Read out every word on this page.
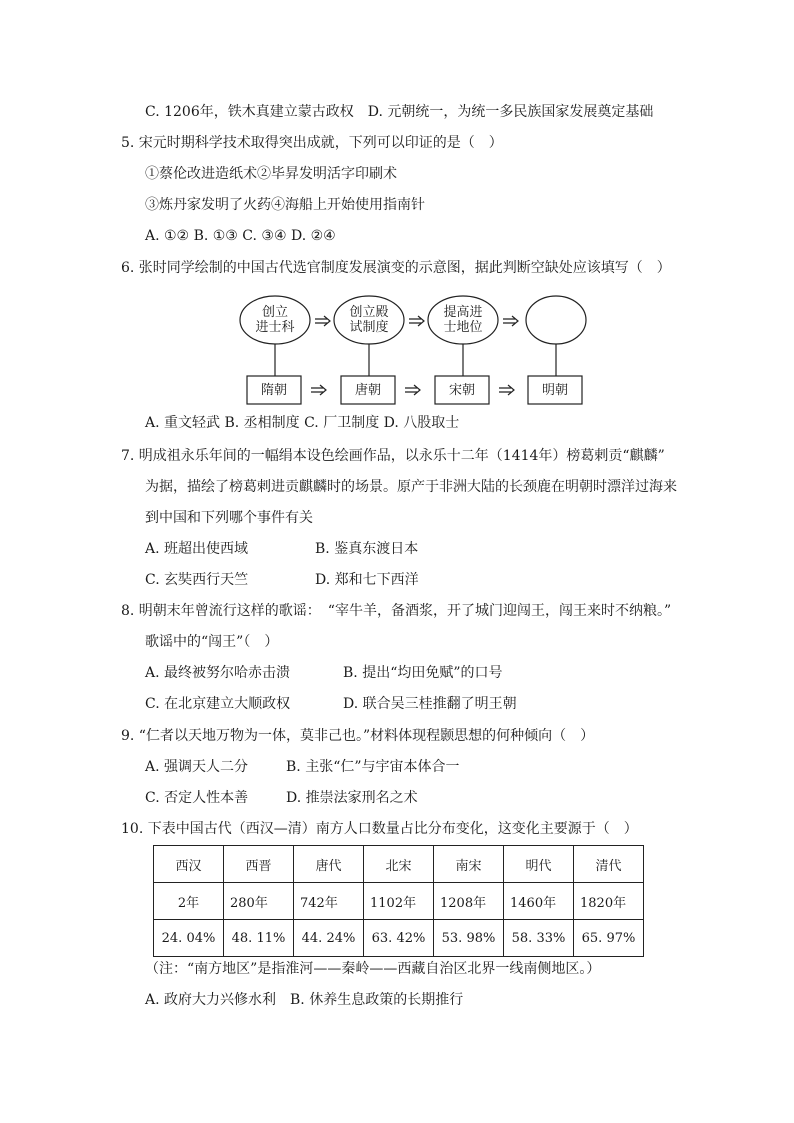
C. 1206年，铁木真建立蒙古政权　D. 元朝统一，为统一多民族国家发展奠定基础
5. 宋元时期科学技术取得突出成就，下列可以印证的是（　）
①蔡伦改进造纸术②毕昇发明活字印刷术
③炼丹家发明了火药④海船上开始使用指南针
A. ①② B. ①③ C. ③④ D. ②④
6. 张时同学绘制的中国古代选官制度发展演变的示意图，据此判断空缺处应该填写（　）
创立
进士科
创立殿
试制度
提高进
士地位
隋朝	唐朝	宋朝	明朝
A. 重文轻武 B. 丞相制度 C. 厂卫制度 D. 八股取士
7. 明成祖永乐年间的一幅绢本设色绘画作品，以永乐十二年（1414年）榜葛剌贡“麒麟”
为据，描绘了榜葛剌进贡麒麟时的场景。原产于非洲大陆的长颈鹿在明朝时漂洋过海来
到中国和下列哪个事件有关
A. 班超出使西域	B. 鉴真东渡日本
C. 玄奘西行天竺	D. 郑和七下西洋
8. 明朝末年曾流行这样的歌谣：　“宰牛羊，备酒浆，开了城门迎闯王，闯王来时不纳粮。”
歌谣中的“闯王”（　）
A. 最终被努尔哈赤击溃	B. 提出“均田免赋”的口号
C. 在北京建立大顺政权	D. 联合吴三桂推翻了明王朝
9. “仁者以天地万物为一体，莫非己也。”材料体现程颢思想的何种倾向（　）
A. 强调天人二分	B. 主张“仁”与宇宙本体合一
C. 否定人性本善	D. 推崇法家刑名之术
10. 下表中国古代（西汉—清）南方人口数量占比分布变化，这变化主要源于（　）
西汉	西晋	唐代	北宋	南宋	明代	清代
2年	280年	742年	1102年	1208年	1460年	1820年
24. 04%	48. 11%	44. 24%	63. 42%	53. 98%	58. 33%	65. 97%
（注：“南方地区”是指淮河——秦岭——西藏自治区北界一线南侧地区。）
A. 政府大力兴修水利　B. 休养生息政策的长期推行
